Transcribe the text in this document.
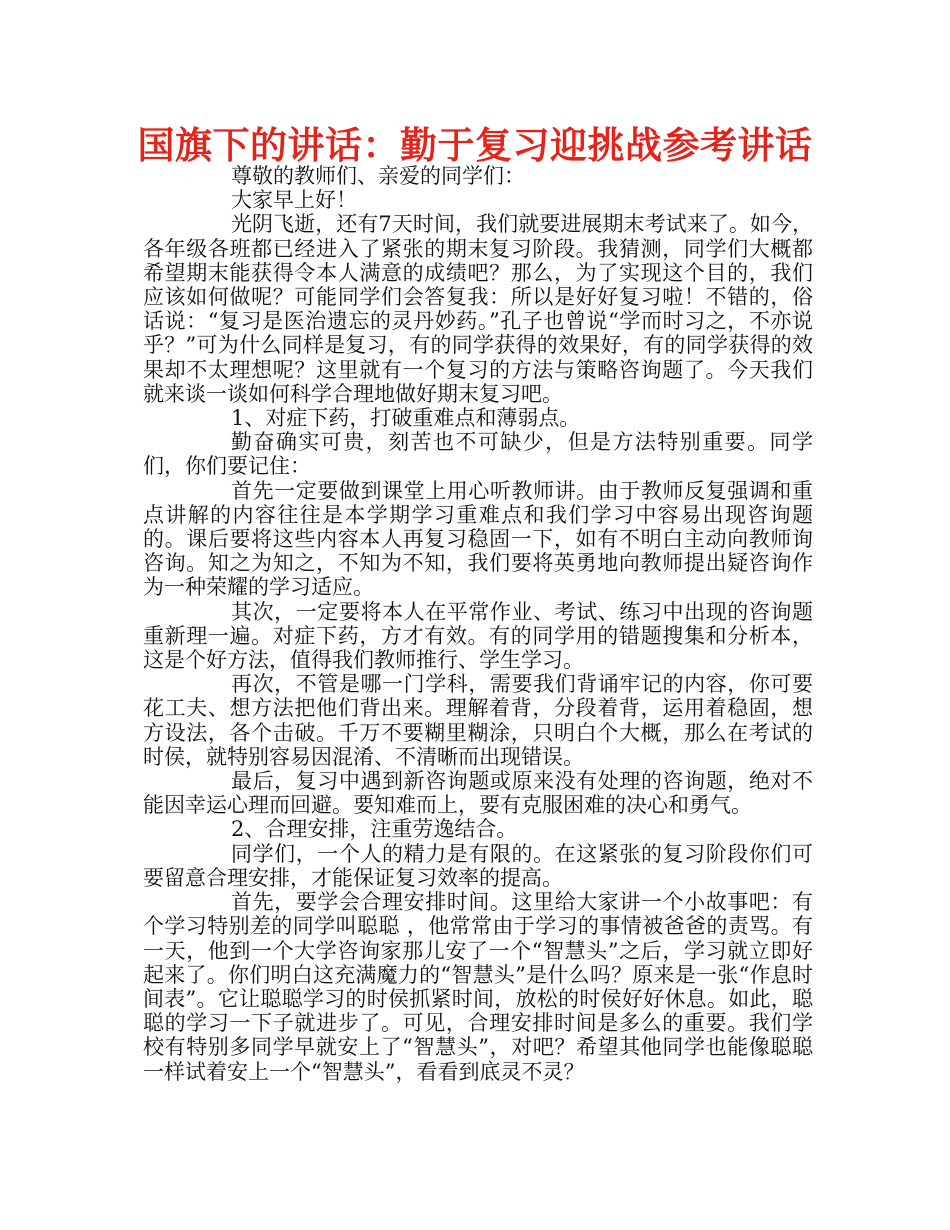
国旗下的讲话：勤于复习迎挑战参考讲话

尊敬的教师们、亲爱的同学们：

大家早上好！

光阴飞逝，还有7天时间，我们就要进展期末考试来了。如今，各年级各班都已经进入了紧张的期末复习阶段。我猜测，同学们大概都希望期末能获得令本人满意的成绩吧？那么，为了实现这个目的，我们应该如何做呢？可能同学们会答复我：所以是好好复习啦！不错的，俗话说：“复习是医治遗忘的灵丹妙药。”孔子也曾说“学而时习之，不亦说乎？”可为什么同样是复习，有的同学获得的效果好，有的同学获得的效果却不太理想呢？这里就有一个复习的方法与策略咨询题了。今天我们就来谈一谈如何科学合理地做好期末复习吧。

1、对症下药，打破重难点和薄弱点。

勤奋确实可贵，刻苦也不可缺少，但是方法特别重要。同学们，你们要记住：

首先一定要做到课堂上用心听教师讲。由于教师反复强调和重点讲解的内容往往是本学期学习重难点和我们学习中容易出现咨询题的。课后要将这些内容本人再复习稳固一下，如有不明白主动向教师询咨询。知之为知之，不知为不知，我们要将英勇地向教师提出疑咨询作为一种荣耀的学习适应。

其次，一定要将本人在平常作业、考试、练习中出现的咨询题重新理一遍。对症下药，方才有效。有的同学用的错题搜集和分析本，这是个好方法，值得我们教师推行、学生学习。

再次，不管是哪一门学科，需要我们背诵牢记的内容，你可要花工夫、想方法把他们背出来。理解着背，分段着背，运用着稳固，想方设法，各个击破。千万不要糊里糊涂，只明白个大概，那么在考试的时侯，就特别容易因混淆、不清晰而出现错误。

最后，复习中遇到新咨询题或原来没有处理的咨询题，绝对不能因幸运心理而回避。要知难而上，要有克服困难的决心和勇气。

2、合理安排，注重劳逸结合。

同学们，一个人的精力是有限的。在这紧张的复习阶段你们可要留意合理安排，才能保证复习效率的提高。

首先，要学会合理安排时间。这里给大家讲一个小故事吧：有个学习特别差的同学叫聪聪 ，他常常由于学习的事情被爸爸的责骂。有一天，他到一个大学咨询家那儿安了一个“智慧头”之后，学习就立即好起来了。你们明白这充满魔力的“智慧头”是什么吗？原来是一张“作息时间表”。它让聪聪学习的时侯抓紧时间，放松的时侯好好休息。如此，聪聪的学习一下子就进步了。可见，合理安排时间是多么的重要。我们学校有特别多同学早就安上了“智慧头”，对吧？希望其他同学也能像聪聪一样试着安上一个“智慧头”，看看到底灵不灵？
